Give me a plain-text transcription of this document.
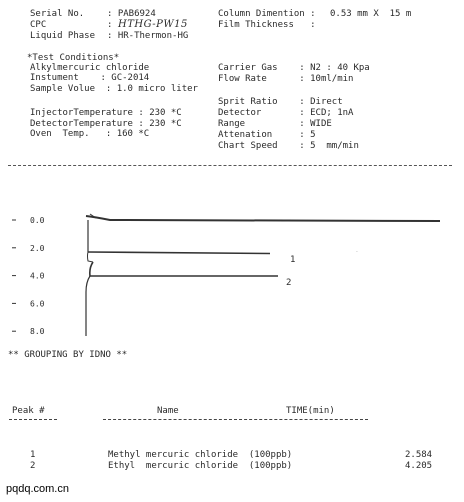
Serial No.	: PAB6924
CPC	: HTHG-PW15
Liquid Phase : HR-Thermon-HG
Column Dimention : 0.53 mm X  15 m
Film Thickness   :
*Test Conditions*
Alkylmercuric chloride
Instument    : GC-2014
Sample Volue  : 1.0 micro liter
InjectorTemperature : 230 *C
DetectorTemperature : 230 *C
Oven  Temp.   : 160 *C
Carrier Gas    : N2 : 40 Kpa
Flow Rate      : 10ml/min
Sprit Ratio    : Direct
Detector       : ECD; 1nA
Range          : WIDE
Attenation     : 5
Chart Speed    : 5  mm/min
0.0
2.0
4.0
6.0
8.0
1
2
·
** GROUPING BY IDNO **
Peak #	Name	TIME(min)
1	Methyl mercuric chloride  (100ppb)	2.584
2	Ethyl  mercuric chloride  (100ppb)	4.205
pqdq.com.cn
